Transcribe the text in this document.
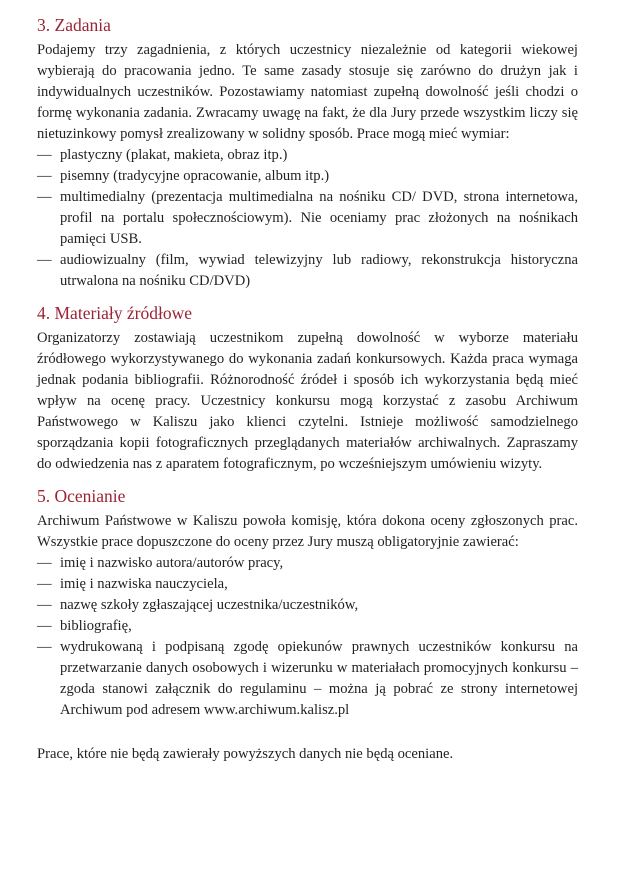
3. Zadania

Podajemy trzy zagadnienia, z których uczestnicy niezależnie od kategorii wiekowej wybierają do pracowania jedno. Te same zasady stosuje się zarówno do drużyn jak i indywidualnych uczestników. Pozostawiamy natomiast zupełną dowolność jeśli chodzi o formę wykonania zadania. Zwracamy uwagę na fakt, że dla Jury przede wszystkim liczy się nietuzinkowy pomysł zrealizowany w solidny sposób. Prace mogą mieć wymiar:

— plastyczny (plakat, makieta, obraz itp.)
— pisemny (tradycyjne opracowanie, album itp.)
— multimedialny (prezentacja multimedialna na nośniku CD/ DVD, strona internetowa, profil na portalu społecznościowym). Nie oceniamy prac złożonych na nośnikach pamięci USB.
— audiowizualny (film, wywiad telewizyjny lub radiowy, rekonstrukcja historyczna utrwalona na nośniku CD/DVD)
4. Materiały źródłowe

Organizatorzy zostawiają uczestnikom zupełną dowolność w wyborze materiału źródłowego wykorzystywanego do wykonania zadań konkursowych. Każda praca wymaga jednak podania bibliografii. Różnorodność źródeł i sposób ich wykorzystania będą mieć wpływ na ocenę pracy. Uczestnicy konkursu mogą korzystać z zasobu Archiwum Państwowego w Kaliszu jako klienci czytelni. Istnieje możliwość samodzielnego sporządzania kopii fotograficznych przeglądanych materiałów archiwalnych. Zapraszamy do odwiedzenia nas z aparatem fotograficznym, po wcześniejszym umówieniu wizyty.

5. Ocenianie

Archiwum Państwowe w Kaliszu powoła komisję, która dokona oceny zgłoszonych prac. Wszystkie prace dopuszczone do oceny przez Jury muszą obligatoryjnie zawierać:

— imię i nazwisko autora/autorów pracy,
— imię i nazwiska nauczyciela,
— nazwę szkoły zgłaszającej uczestnika/uczestników,
— bibliografię,
— wydrukowaną i podpisaną zgodę opiekunów prawnych uczestników konkursu na przetwarzanie danych osobowych i wizerunku w materiałach promocyjnych konkursu – zgoda stanowi załącznik do regulaminu – można ją pobrać ze strony internetowej Archiwum pod adresem www.archiwum.kalisz.pl

Prace, które nie będą zawierały powyższych danych nie będą oceniane.
